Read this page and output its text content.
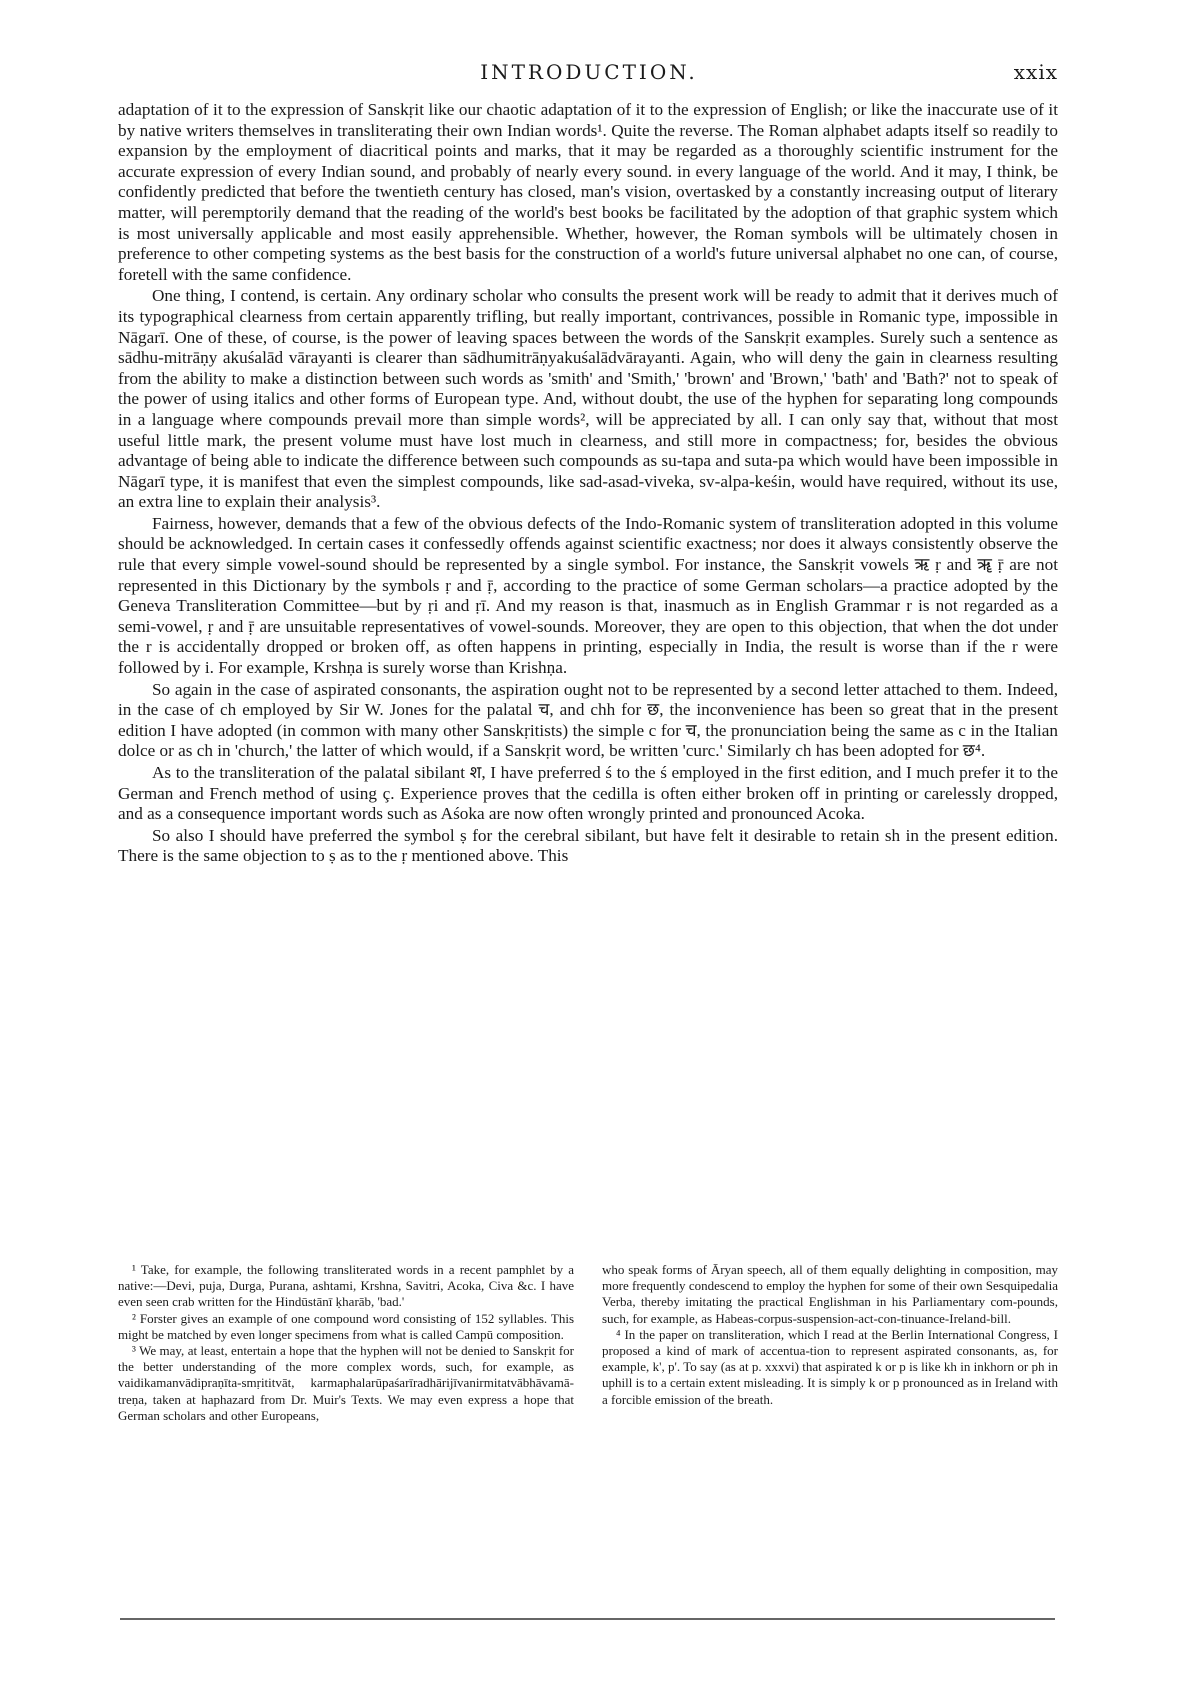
INTRODUCTION.	xxix

adaptation of it to the expression of Sanskṛit like our chaotic adaptation of it to the expression of English; or like the inaccurate use of it by native writers themselves in transliterating their own Indian words¹. Quite the reverse. The Roman alphabet adapts itself so readily to expansion by the employment of diacritical points and marks, that it may be regarded as a thoroughly scientific instrument for the accurate expression of every Indian sound, and probably of nearly every sound. in every language of the world. And it may, I think, be confidently predicted that before the twentieth century has closed, man's vision, overtasked by a constantly increasing output of literary matter, will peremptorily demand that the reading of the world's best books be facilitated by the adoption of that graphic system which is most universally applicable and most easily apprehensible. Whether, however, the Roman symbols will be ultimately chosen in preference to other competing systems as the best basis for the construction of a world's future universal alphabet no one can, of course, foretell with the same confidence.

One thing, I contend, is certain. Any ordinary scholar who consults the present work will be ready to admit that it derives much of its typographical clearness from certain apparently trifling, but really important, contrivances, possible in Romanic type, impossible in Nāgarī. One of these, of course, is the power of leaving spaces between the words of the Sanskṛit examples. Surely such a sentence as sādhu-mitrāṇy akuśalād vārayanti is clearer than sādhumitrāṇyakuśalādvārayanti. Again, who will deny the gain in clearness resulting from the ability to make a distinction between such words as 'smith' and 'Smith,' 'brown' and 'Brown,' 'bath' and 'Bath?' not to speak of the power of using italics and other forms of European type. And, without doubt, the use of the hyphen for separating long compounds in a language where compounds prevail more than simple words², will be appreciated by all. I can only say that, without that most useful little mark, the present volume must have lost much in clearness, and still more in compactness; for, besides the obvious advantage of being able to indicate the difference between such compounds as su-tapa and suta-pa which would have been impossible in Nāgarī type, it is manifest that even the simplest compounds, like sad-asad-viveka, sv-alpa-keśin, would have required, without its use, an extra line to explain their analysis³.

Fairness, however, demands that a few of the obvious defects of the Indo-Romanic system of transliteration adopted in this volume should be acknowledged. In certain cases it confessedly offends against scientific exactness; nor does it always consistently observe the rule that every simple vowel-sound should be represented by a single symbol. For instance, the Sanskṛit vowels ऋ ṛ and ॠ ṝ are not represented in this Dictionary by the symbols ṛ and ṝ, according to the practice of some German scholars—a practice adopted by the Geneva Transliteration Committee—but by ṛi and ṛī. And my reason is that, inasmuch as in English Grammar r is not regarded as a semi-vowel, ṛ and ṝ are unsuitable representatives of vowel-sounds. Moreover, they are open to this objection, that when the dot under the r is accidentally dropped or broken off, as often happens in printing, especially in India, the result is worse than if the r were followed by i. For example, Krshṇa is surely worse than Krishṇa.

So again in the case of aspirated consonants, the aspiration ought not to be represented by a second letter attached to them. Indeed, in the case of ch employed by Sir W. Jones for the palatal च, and chh for छ, the inconvenience has been so great that in the present edition I have adopted (in common with many other Sanskṛitists) the simple c for च, the pronunciation being the same as c in the Italian dolce or as ch in 'church,' the latter of which would, if a Sanskṛit word, be written 'curc.' Similarly ch has been adopted for छ⁴.

As to the transliteration of the palatal sibilant श, I have preferred ś to the ś employed in the first edition, and I much prefer it to the German and French method of using ç. Experience proves that the cedilla is often either broken off in printing or carelessly dropped, and as a consequence important words such as Aśoka are now often wrongly printed and pronounced Acoka.

So also I should have preferred the symbol ṣ for the cerebral sibilant, but have felt it desirable to retain sh in the present edition. There is the same objection to ṣ as to the ṛ mentioned above. This

¹ Take, for example, the following transliterated words in a recent pamphlet by a native:—Devi, puja, Durga, Purana, ashtami, Krshna, Savitri, Acoka, Civa &c. I have even seen crab written for the Hindūstānī ḳharāb, 'bad.'

² Forster gives an example of one compound word consisting of 152 syllables. This might be matched by even longer specimens from what is called Campū composition.

³ We may, at least, entertain a hope that the hyphen will not be denied to Sanskṛit for the better understanding of the more complex words, such, for example, as vaidikamanvādipraṇīta-smṛititvāt, karmaphalarūpaśarīradhārijīvanirmitatvābhāvamā-treṇa, taken at haphazard from Dr. Muir's Texts. We may even express a hope that German scholars and other Europeans,

who speak forms of Āryan speech, all of them equally delighting in composition, may more frequently condescend to employ the hyphen for some of their own Sesquipedalia Verba, thereby imitating the practical Englishman in his Parliamentary com-pounds, such, for example, as Habeas-corpus-suspension-act-con-tinuance-Ireland-bill.

⁴ In the paper on transliteration, which I read at the Berlin International Congress, I proposed a kind of mark of accentua-tion to represent aspirated consonants, as, for example, k', p'. To say (as at p. xxxvi) that aspirated k or p is like kh in inkhorn or ph in uphill is to a certain extent misleading. It is simply k or p pronounced as in Ireland with a forcible emission of the breath.
